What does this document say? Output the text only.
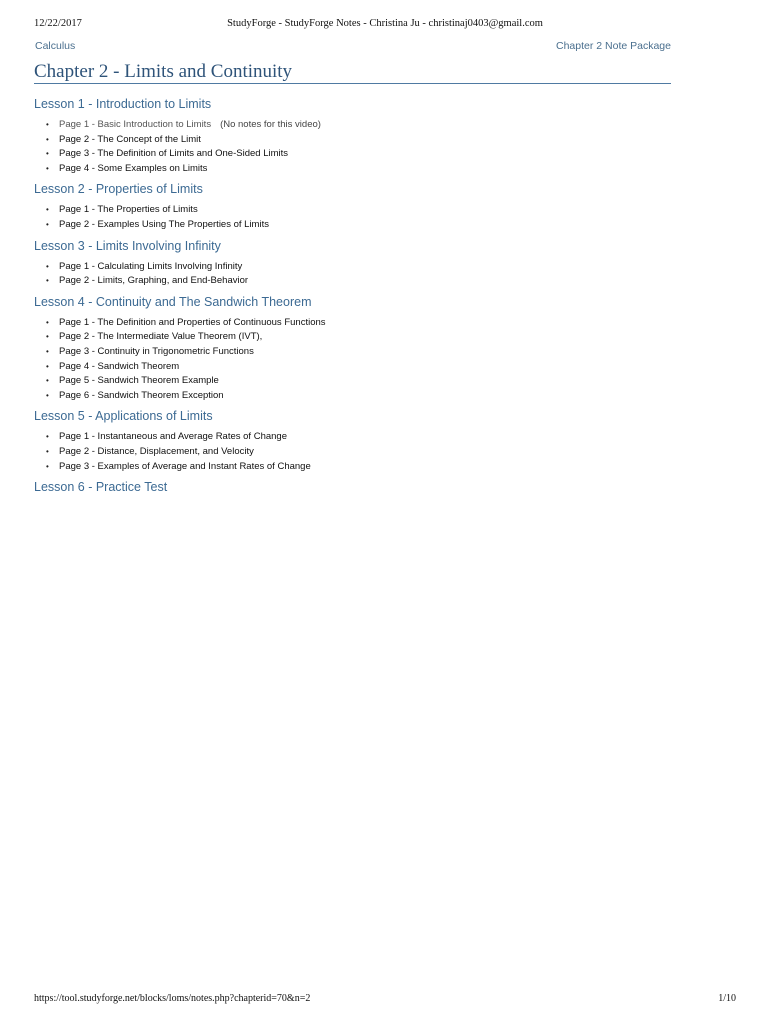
12/22/2017	StudyForge - StudyForge Notes - Christina Ju - christinaj0403@gmail.com
Calculus	Chapter 2 Note Package
Chapter 2 - Limits and Continuity
Lesson 1 - Introduction to Limits
• Page 1 - Basic Introduction to Limits (No notes for this video)
• Page 2 - The Concept of the Limit
• Page 3 - The Definition of Limits and One-Sided Limits
• Page 4 - Some Examples on Limits
Lesson 2 - Properties of Limits
• Page 1 - The Properties of Limits
• Page 2 - Examples Using The Properties of Limits
Lesson 3 - Limits Involving Infinity
• Page 1 - Calculating Limits Involving Infinity
• Page 2 - Limits, Graphing, and End-Behavior
Lesson 4 - Continuity and The Sandwich Theorem
• Page 1 - The Definition and Properties of Continuous Functions
• Page 2 - The Intermediate Value Theorem (IVT),
• Page 3 - Continuity in Trigonometric Functions
• Page 4 - Sandwich Theorem
• Page 5 - Sandwich Theorem Example
• Page 6 - Sandwich Theorem Exception
Lesson 5 - Applications of Limits
• Page 1 - Instantaneous and Average Rates of Change
• Page 2 - Distance, Displacement, and Velocity
• Page 3 - Examples of Average and Instant Rates of Change
Lesson 6 - Practice Test
https://tool.studyforge.net/blocks/loms/notes.php?chapterid=70&n=2	1/10
